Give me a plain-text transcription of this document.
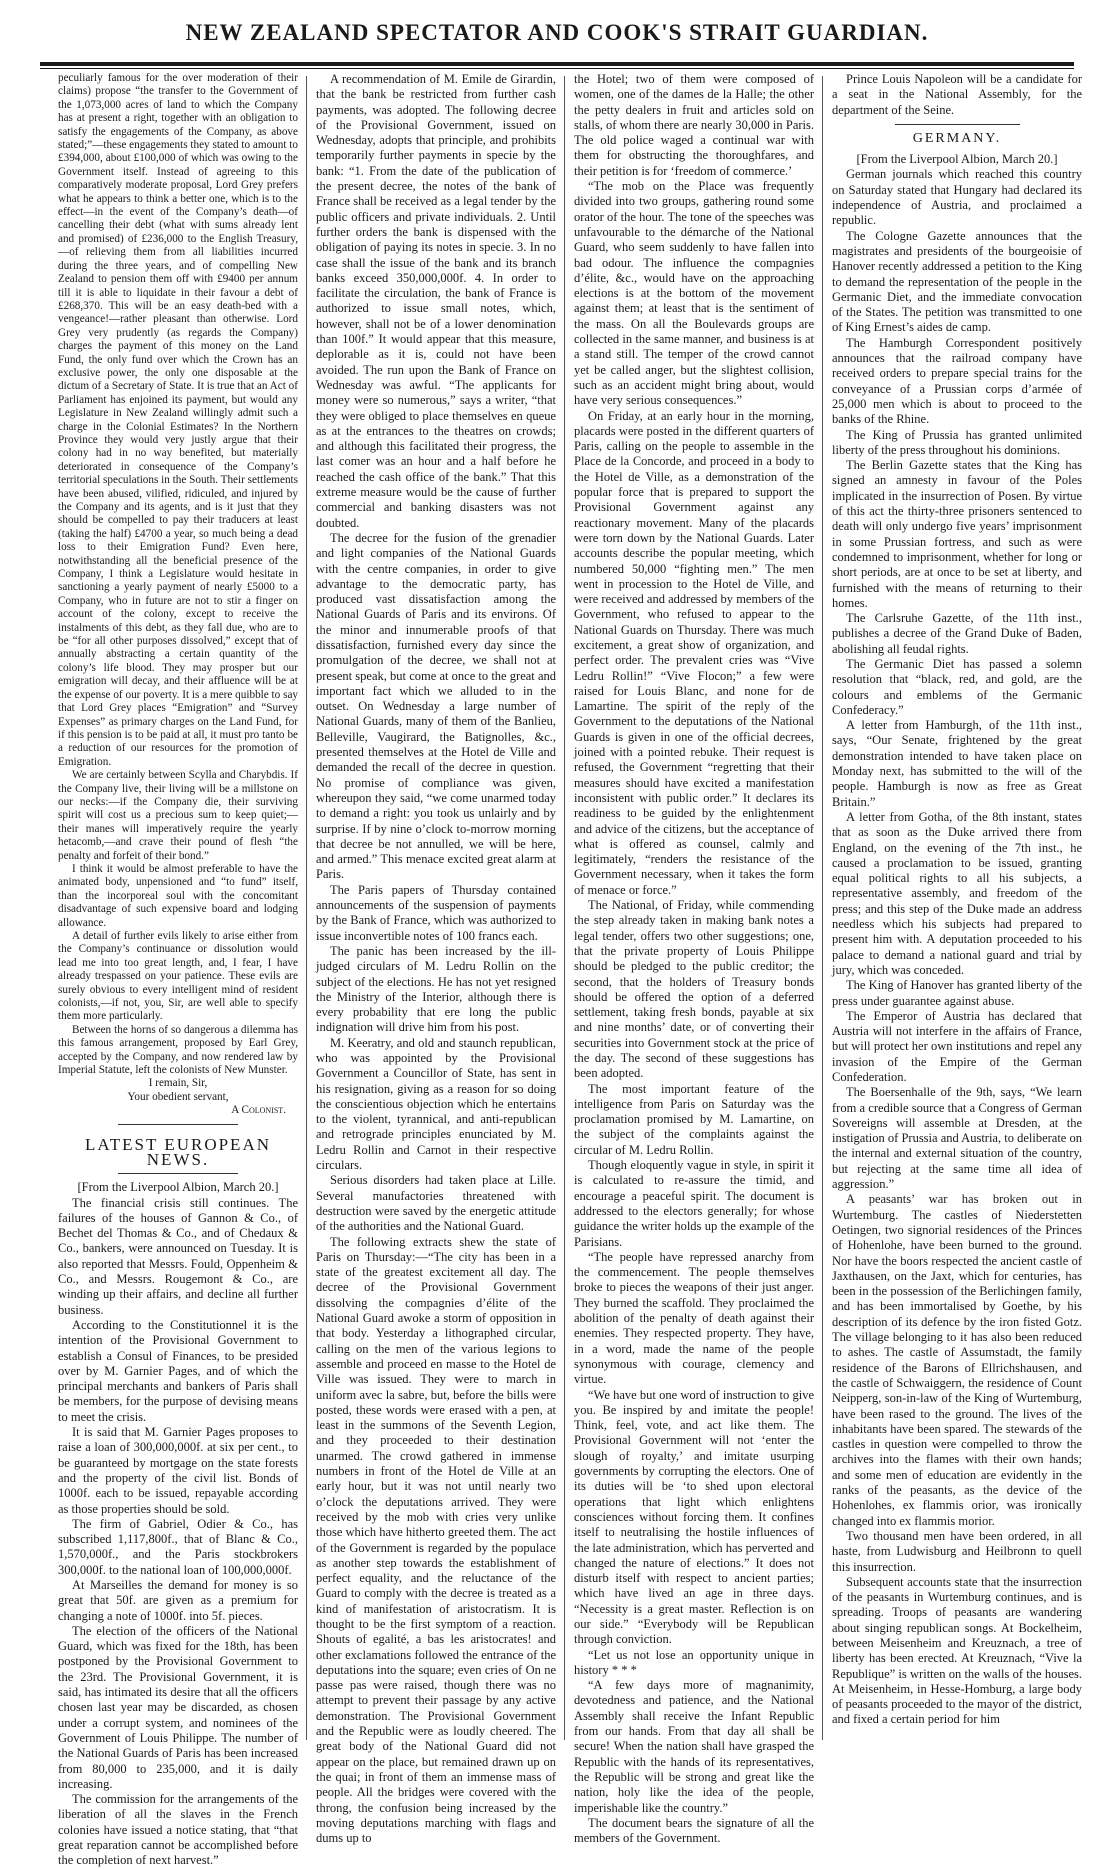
NEW ZEALAND SPECTATOR AND COOK'S STRAIT GUARDIAN.

peculiarly famous for the over moderation of their claims) propose “the transfer to the Government of the 1,073,000 acres of land to which the Company has at present a right, together with an obligation to satisfy the engagements of the Company, as above stated;”—these engagements they stated to amount to £394,000, about £100,000 of which was owing to the Government itself. Instead of agreeing to this comparatively moderate proposal, Lord Grey prefers what he appears to think a better one, which is to the effect—in the event of the Company’s death—of cancelling their debt (what with sums already lent and promised) of £236,000 to the English Treasury,—of relieving them from all liabilities incurred during the three years, and of compelling New Zealand to pension them off with £9400 per annum till it is able to liquidate in their favour a debt of £268,370. This will be an easy death-bed with a vengeance!—rather pleasant than otherwise. Lord Grey very prudently (as regards the Company) charges the payment of this money on the Land Fund, the only fund over which the Crown has an exclusive power, the only one disposable at the dictum of a Secretary of State. It is true that an Act of Parliament has enjoined its payment, but would any Legislature in New Zealand willingly admit such a charge in the Colonial Estimates? In the Northern Province they would very justly argue that their colony had in no way benefited, but materially deteriorated in consequence of the Company’s territorial speculations in the South. Their settlements have been abused, vilified, ridiculed, and injured by the Company and its agents, and is it just that they should be compelled to pay their traducers at least (taking the half) £4700 a year, so much being a dead loss to their Emigration Fund? Even here, notwithstanding all the beneficial presence of the Company, I think a Legislature would hesitate in sanctioning a yearly payment of nearly £5000 to a Company, who in future are not to stir a finger on account of the colony, except to receive the instalments of this debt, as they fall due, who are to be “for all other purposes dissolved,” except that of annually abstracting a certain quantity of the colony’s life blood. They may prosper but our emigration will decay, and their affluence will be at the expense of our poverty. It is a mere quibble to say that Lord Grey places “Emigration” and “Survey Expenses” as primary charges on the Land Fund, for if this pension is to be paid at all, it must pro tanto be a reduction of our resources for the promotion of Emigration.

We are certainly between Scylla and Charybdis. If the Company live, their living will be a millstone on our necks:—if the Company die, their surviving spirit will cost us a precious sum to keep quiet;—their manes will imperatively require the yearly hetacomb,—and crave their pound of flesh “the penalty and forfeit of their bond.”

I think it would be almost preferable to have the animated body, unpensioned and “to fund” itself, than the incorporeal soul with the concomitant disadvantage of such expensive board and lodging allowance.

A detail of further evils likely to arise either from the Company’s continuance or dissolution would lead me into too great length, and, I fear, I have already trespassed on your patience. These evils are surely obvious to every intelligent mind of resident colonists,—if not, you, Sir, are well able to specify them more particularly.

Between the horns of so dangerous a dilemma has this famous arrangement, proposed by Earl Grey, accepted by the Company, and now rendered law by Imperial Statute, left the colonists of New Munster.

I remain, Sir,

Your obedient servant,

A Colonist.

LATEST EUROPEAN NEWS.

[From the Liverpool Albion, March 20.]

The financial crisis still continues. The failures of the houses of Gannon & Co., of Bechet del Thomas & Co., and of Chedaux & Co., bankers, were announced on Tuesday. It is also reported that Messrs. Fould, Oppenheim & Co., and Messrs. Rougemont & Co., are winding up their affairs, and decline all further business.

According to the Constitutionnel it is the intention of the Provisional Government to establish a Consul of Finances, to be presided over by M. Garnier Pages, and of which the principal merchants and bankers of Paris shall be members, for the purpose of devising means to meet the crisis.

It is said that M. Garnier Pages proposes to raise a loan of 300,000,000f. at six per cent., to be guaranteed by mortgage on the state forests and the property of the civil list. Bonds of 1000f. each to be issued, repayable according as those properties should be sold.

The firm of Gabriel, Odier & Co., has subscribed 1,117,800f., that of Blanc & Co., 1,570,000f., and the Paris stockbrokers 300,000f. to the national loan of 100,000,000f.

At Marseilles the demand for money is so great that 50f. are given as a premium for changing a note of 1000f. into 5f. pieces.

The election of the officers of the National Guard, which was fixed for the 18th, has been postponed by the Provisional Government to the 23rd. The Provisional Government, it is said, has intimated its desire that all the officers chosen last year may be discarded, as chosen under a corrupt system, and nominees of the Government of Louis Philippe. The number of the National Guards of Paris has been increased from 80,000 to 235,000, and it is daily increasing.

The commission for the arrangements of the liberation of all the slaves in the French colonies have issued a notice stating, that “that great reparation cannot be accomplished before the completion of next harvest.”

A recommendation of M. Emile de Girardin, that the bank be restricted from further cash payments, was adopted. The following decree of the Provisional Government, issued on Wednesday, adopts that principle, and prohibits temporarily further payments in specie by the bank: “1. From the date of the publication of the present decree, the notes of the bank of France shall be received as a legal tender by the public officers and private individuals. 2. Until further orders the bank is dispensed with the obligation of paying its notes in specie. 3. In no case shall the issue of the bank and its branch banks exceed 350,000,000f. 4. In order to facilitate the circulation, the bank of France is authorized to issue small notes, which, however, shall not be of a lower denomination than 100f.” It would appear that this measure, deplorable as it is, could not have been avoided. The run upon the Bank of France on Wednesday was awful. “The applicants for money were so numerous,” says a writer, “that they were obliged to place themselves en queue as at the entrances to the theatres on crowds; and although this facilitated their progress, the last comer was an hour and a half before he reached the cash office of the bank.” That this extreme measure would be the cause of further commercial and banking disasters was not doubted.

The decree for the fusion of the grenadier and light companies of the National Guards with the centre companies, in order to give advantage to the democratic party, has produced vast dissatisfaction among the National Guards of Paris and its environs. Of the minor and innumerable proofs of that dissatisfaction, furnished every day since the promulgation of the decree, we shall not at present speak, but come at once to the great and important fact which we alluded to in the outset. On Wednesday a large number of National Guards, many of them of the Banlieu, Belleville, Vaugirard, the Batignolles, &c., presented themselves at the Hotel de Ville and demanded the recall of the decree in question. No promise of compliance was given, whereupon they said, “we come unarmed today to demand a right: you took us unlairly and by surprise. If by nine o’clock to-morrow morning that decree be not annulled, we will be here, and armed.” This menace excited great alarm at Paris.

The Paris papers of Thursday contained announcements of the suspension of payments by the Bank of France, which was authorized to issue inconvertible notes of 100 francs each.

The panic has been increased by the ill-judged circulars of M. Ledru Rollin on the subject of the elections. He has not yet resigned the Ministry of the Interior, although there is every probability that ere long the public indignation will drive him from his post.

M. Keeratry, and old and staunch republican, who was appointed by the Provisional Government a Councillor of State, has sent in his resignation, giving as a reason for so doing the conscientious objection which he entertains to the violent, tyrannical, and anti-republican and retrograde principles enunciated by M. Ledru Rollin and Carnot in their respective circulars.

Serious disorders had taken place at Lille. Several manufactories threatened with destruction were saved by the energetic attitude of the authorities and the National Guard.

The following extracts shew the state of Paris on Thursday:—“The city has been in a state of the greatest excitement all day. The decree of the Provisional Government dissolving the compagnies d’élite of the National Guard awoke a storm of opposition in that body. Yesterday a lithographed circular, calling on the men of the various legions to assemble and proceed en masse to the Hotel de Ville was issued. They were to march in uniform avec la sabre, but, before the bills were posted, these words were erased with a pen, at least in the summons of the Seventh Legion, and they proceeded to their destination unarmed. The crowd gathered in immense numbers in front of the Hotel de Ville at an early hour, but it was not until nearly two o’clock the deputations arrived. They were received by the mob with cries very unlike those which have hitherto greeted them. The act of the Government is regarded by the populace as another step towards the establishment of perfect equality, and the reluctance of the Guard to comply with the decree is treated as a kind of manifestation of aristocratism. It is thought to be the first symptom of a reaction. Shouts of egalité, a bas les aristocrates! and other exclamations followed the entrance of the deputations into the square; even cries of On ne passe pas were raised, though there was no attempt to prevent their passage by any active demonstration. The Provisional Government and the Republic were as loudly cheered. The great body of the National Guard did not appear on the place, but remained drawn up on the quai; in front of them an immense mass of people. All the bridges were covered with the throng, the confusion being increased by the moving deputations marching with flags and dums up to

the Hotel; two of them were composed of women, one of the dames de la Halle; the other the petty dealers in fruit and articles sold on stalls, of whom there are nearly 30,000 in Paris. The old police waged a continual war with them for obstructing the thoroughfares, and their petition is for ‘freedom of commerce.’

“The mob on the Place was frequently divided into two groups, gathering round some orator of the hour. The tone of the speeches was unfavourable to the démarche of the National Guard, who seem suddenly to have fallen into bad odour. The influence the compagnies d’élite, &c., would have on the approaching elections is at the bottom of the movement against them; at least that is the sentiment of the mass. On all the Boulevards groups are collected in the same manner, and business is at a stand still. The temper of the crowd cannot yet be called anger, but the slightest collision, such as an accident might bring about, would have very serious consequences.”

On Friday, at an early hour in the morning, placards were posted in the different quarters of Paris, calling on the people to assemble in the Place de la Concorde, and proceed in a body to the Hotel de Ville, as a demonstration of the popular force that is prepared to support the Provisional Government against any reactionary movement. Many of the placards were torn down by the National Guards. Later accounts describe the popular meeting, which numbered 50,000 “fighting men.” The men went in procession to the Hotel de Ville, and were received and addressed by members of the Government, who refused to appear to the National Guards on Thursday. There was much excitement, a great show of organization, and perfect order. The prevalent cries was “Vive Ledru Rollin!” “Vive Flocon;” a few were raised for Louis Blanc, and none for de Lamartine. The spirit of the reply of the Government to the deputations of the National Guards is given in one of the official decrees, joined with a pointed rebuke. Their request is refused, the Government “regretting that their measures should have excited a manifestation inconsistent with public order.” It declares its readiness to be guided by the enlightenment and advice of the citizens, but the acceptance of what is offered as counsel, calmly and legitimately, “renders the resistance of the Government necessary, when it takes the form of menace or force.”

The National, of Friday, while commending the step already taken in making bank notes a legal tender, offers two other suggestions; one, that the private property of Louis Philippe should be pledged to the public creditor; the second, that the holders of Treasury bonds should be offered the option of a deferred settlement, taking fresh bonds, payable at six and nine months’ date, or of converting their securities into Government stock at the price of the day. The second of these suggestions has been adopted.

The most important feature of the intelligence from Paris on Saturday was the proclamation promised by M. Lamartine, on the subject of the complaints against the circular of M. Ledru Rollin.

Though eloquently vague in style, in spirit it is calculated to re-assure the timid, and encourage a peaceful spirit. The document is addressed to the electors generally; for whose guidance the writer holds up the example of the Parisians.

“The people have repressed anarchy from the commencement. The people themselves broke to pieces the weapons of their just anger. They burned the scaffold. They proclaimed the abolition of the penalty of death against their enemies. They respected property. They have, in a word, made the name of the people synonymous with courage, clemency and virtue.

“We have but one word of instruction to give you. Be inspired by and imitate the people! Think, feel, vote, and act like them. The Provisional Government will not ‘enter the slough of royalty,’ and imitate usurping governments by corrupting the electors. One of its duties will be ‘to shed upon electoral operations that light which enlightens consciences without forcing them. It confines itself to neutralising the hostile influences of the late administration, which has perverted and changed the nature of elections.” It does not disturb itself with respect to ancient parties; which have lived an age in three days. “Necessity is a great master. Reflection is on our side.” “Everybody will be Republican through conviction.

“Let us not lose an opportunity unique in history * * *

“A few days more of magnanimity, devotedness and patience, and the National Assembly shall receive the Infant Republic from our hands. From that day all shall be secure! When the nation shall have grasped the Republic with the hands of its representatives, the Republic will be strong and great like the nation, holy like the idea of the people, imperishable like the country.”

The document bears the signature of all the members of the Government.

Prince Louis Napoleon will be a candidate for a seat in the National Assembly, for the department of the Seine.

GERMANY.

[From the Liverpool Albion, March 20.]

German journals which reached this country on Saturday stated that Hungary had declared its independence of Austria, and proclaimed a republic.

The Cologne Gazette announces that the magistrates and presidents of the bourgeoisie of Hanover recently addressed a petition to the King to demand the representation of the people in the Germanic Diet, and the immediate convocation of the States. The petition was transmitted to one of King Ernest’s aides de camp.

The Hamburgh Correspondent positively announces that the railroad company have received orders to prepare special trains for the conveyance of a Prussian corps d’armée of 25,000 men which is about to proceed to the banks of the Rhine.

The King of Prussia has granted unlimited liberty of the press throughout his dominions.

The Berlin Gazette states that the King has signed an amnesty in favour of the Poles implicated in the insurrection of Posen. By virtue of this act the thirty-three prisoners sentenced to death will only undergo five years’ imprisonment in some Prussian fortress, and such as were condemned to imprisonment, whether for long or short periods, are at once to be set at liberty, and furnished with the means of returning to their homes.

The Carlsruhe Gazette, of the 11th inst., publishes a decree of the Grand Duke of Baden, abolishing all feudal rights.

The Germanic Diet has passed a solemn resolution that “black, red, and gold, are the colours and emblems of the Germanic Confederacy.”

A letter from Hamburgh, of the 11th inst., says, “Our Senate, frightened by the great demonstration intended to have taken place on Monday next, has submitted to the will of the people. Hamburgh is now as free as Great Britain.”

A letter from Gotha, of the 8th instant, states that as soon as the Duke arrived there from England, on the evening of the 7th inst., he caused a proclamation to be issued, granting equal political rights to all his subjects, a representative assembly, and freedom of the press; and this step of the Duke made an address needless which his subjects had prepared to present him with. A deputation proceeded to his palace to demand a national guard and trial by jury, which was conceded.

The King of Hanover has granted liberty of the press under guarantee against abuse.

The Emperor of Austria has declared that Austria will not interfere in the affairs of France, but will protect her own institutions and repel any invasion of the Empire of the German Confederation.

The Boersenhalle of the 9th, says, “We learn from a credible source that a Congress of German Sovereigns will assemble at Dresden, at the instigation of Prussia and Austria, to deliberate on the internal and external situation of the country, but rejecting at the same time all idea of aggression.”

A peasants’ war has broken out in Wurtemburg. The castles of Niederstetten Oetingen, two signorial residences of the Princes of Hohenlohe, have been burned to the ground. Nor have the boors respected the ancient castle of Jaxthausen, on the Jaxt, which for centuries, has been in the possession of the Berlichingen family, and has been immortalised by Goethe, by his description of its defence by the iron fisted Gotz. The village belonging to it has also been reduced to ashes. The castle of Assumstadt, the family residence of the Barons of Ellrichshausen, and the castle of Schwaiggern, the residence of Count Neipperg, son-in-law of the King of Wurtemburg, have been rased to the ground. The lives of the inhabitants have been spared. The stewards of the castles in question were compelled to throw the archives into the flames with their own hands; and some men of education are evidently in the ranks of the peasants, as the device of the Hohenlohes, ex flammis orior, was ironically changed into ex flammis morior.

Two thousand men have been ordered, in all haste, from Ludwisburg and Heilbronn to quell this insurrection.

Subsequent accounts state that the insurrection of the peasants in Wurtemburg continues, and is spreading. Troops of peasants are wandering about singing republican songs. At Bockelheim, between Meisenheim and Kreuznach, a tree of liberty has been erected. At Kreuznach, “Vive la Republique” is written on the walls of the houses. At Meisenheim, in Hesse-Homburg, a large body of peasants proceeded to the mayor of the district, and fixed a certain period for him
